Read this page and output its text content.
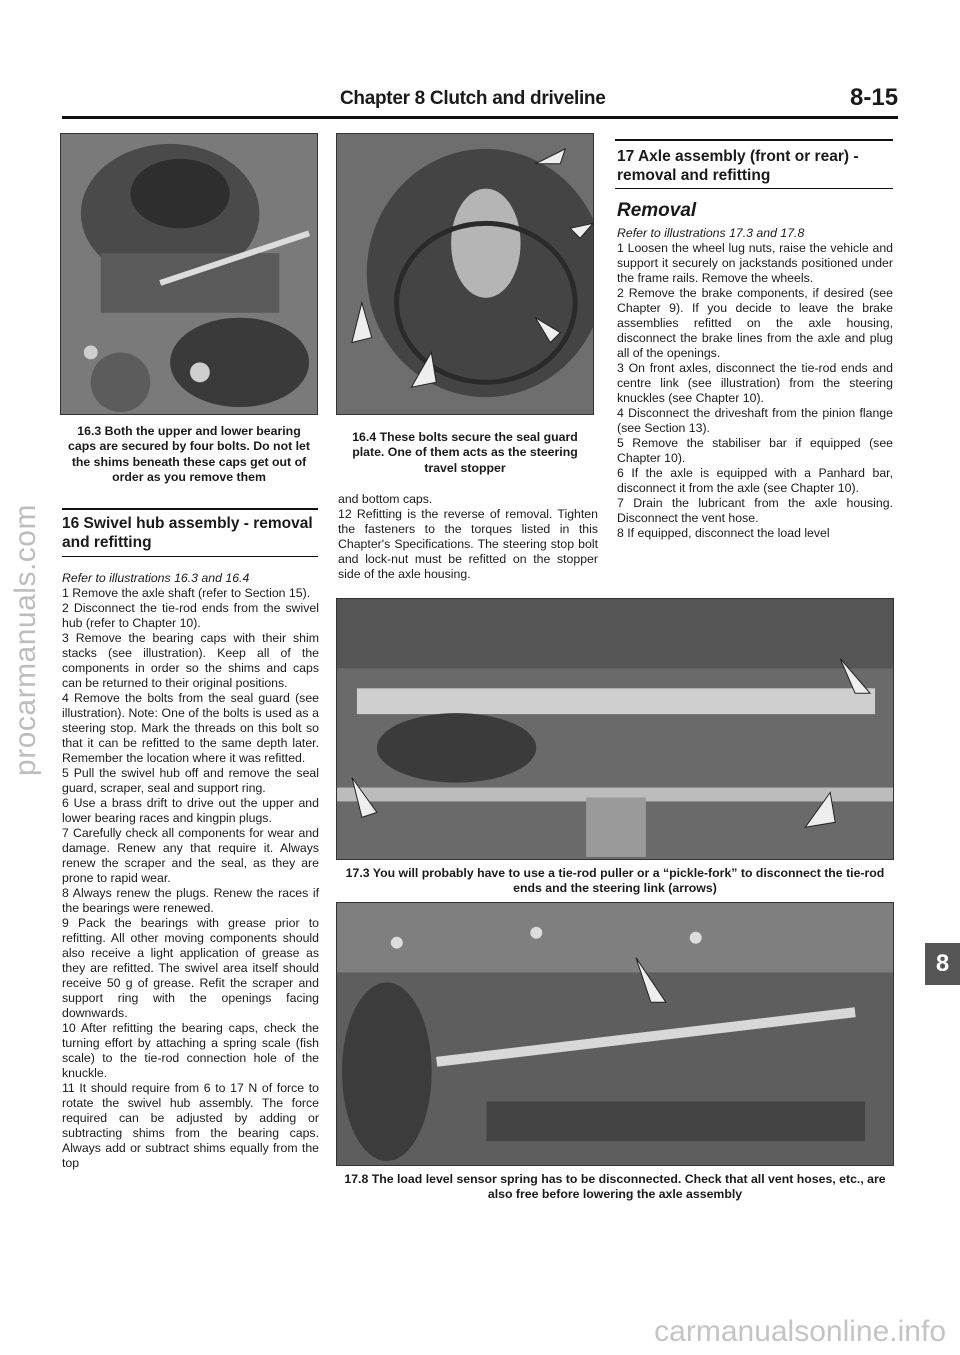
Chapter 8 Clutch and driveline	8-15
procarmanuals.com
16.3 Both the upper and lower bearing caps are secured by four bolts. Do not let the shims beneath these caps get out of order as you remove them
16.4 These bolts secure the seal guard plate. One of them acts as the steering travel stopper
16 Swivel hub assembly - removal and refitting

Refer to illustrations 16.3 and 16.4

1 Remove the axle shaft (refer to Section 15).

2 Disconnect the tie-rod ends from the swivel hub (refer to Chapter 10).

3 Remove the bearing caps with their shim stacks (see illustration). Keep all of the components in order so the shims and caps can be returned to their original positions.

4 Remove the bolts from the seal guard (see illustration). Note: One of the bolts is used as a steering stop. Mark the threads on this bolt so that it can be refitted to the same depth later. Remember the location where it was refitted.

5 Pull the swivel hub off and remove the seal guard, scraper, seal and support ring.

6 Use a brass drift to drive out the upper and lower bearing races and kingpin plugs.

7 Carefully check all components for wear and damage. Renew any that require it. Always renew the scraper and the seal, as they are prone to rapid wear.

8 Always renew the plugs. Renew the races if the bearings were renewed.

9 Pack the bearings with grease prior to refitting. All other moving components should also receive a light application of grease as they are refitted. The swivel area itself should receive 50 g of grease. Refit the scraper and support ring with the openings facing downwards.

10 After refitting the bearing caps, check the turning effort by attaching a spring scale (fish scale) to the tie-rod connection hole of the knuckle.

11 It should require from 6 to 17 N of force to rotate the swivel hub assembly. The force required can be adjusted by adding or subtracting shims from the bearing caps. Always add or subtract shims equally from the top

and bottom caps.

12 Refitting is the reverse of removal. Tighten the fasteners to the torques listed in this Chapter's Specifications. The steering stop bolt and lock-nut must be refitted on the stopper side of the axle housing.

17 Axle assembly (front or rear) - removal and refitting
Removal

Refer to illustrations 17.3 and 17.8

1 Loosen the wheel lug nuts, raise the vehicle and support it securely on jackstands positioned under the frame rails. Remove the wheels.

2 Remove the brake components, if desired (see Chapter 9). If you decide to leave the brake assemblies refitted on the axle housing, disconnect the brake lines from the axle and plug all of the openings.

3 On front axles, disconnect the tie-rod ends and centre link (see illustration) from the steering knuckles (see Chapter 10).

4 Disconnect the driveshaft from the pinion flange (see Section 13).

5 Remove the stabiliser bar if equipped (see Chapter 10).

6 If the axle is equipped with a Panhard bar, disconnect it from the axle (see Chapter 10).

7 Drain the lubricant from the axle housing. Disconnect the vent hose.

8 If equipped, disconnect the load level

17.3 You will probably have to use a tie-rod puller or a “pickle-fork” to disconnect the tie-rod ends and the steering link (arrows)
17.8 The load level sensor spring has to be disconnected. Check that all vent hoses, etc., are also free before lowering the axle assembly
8
carmanualsonline.info
